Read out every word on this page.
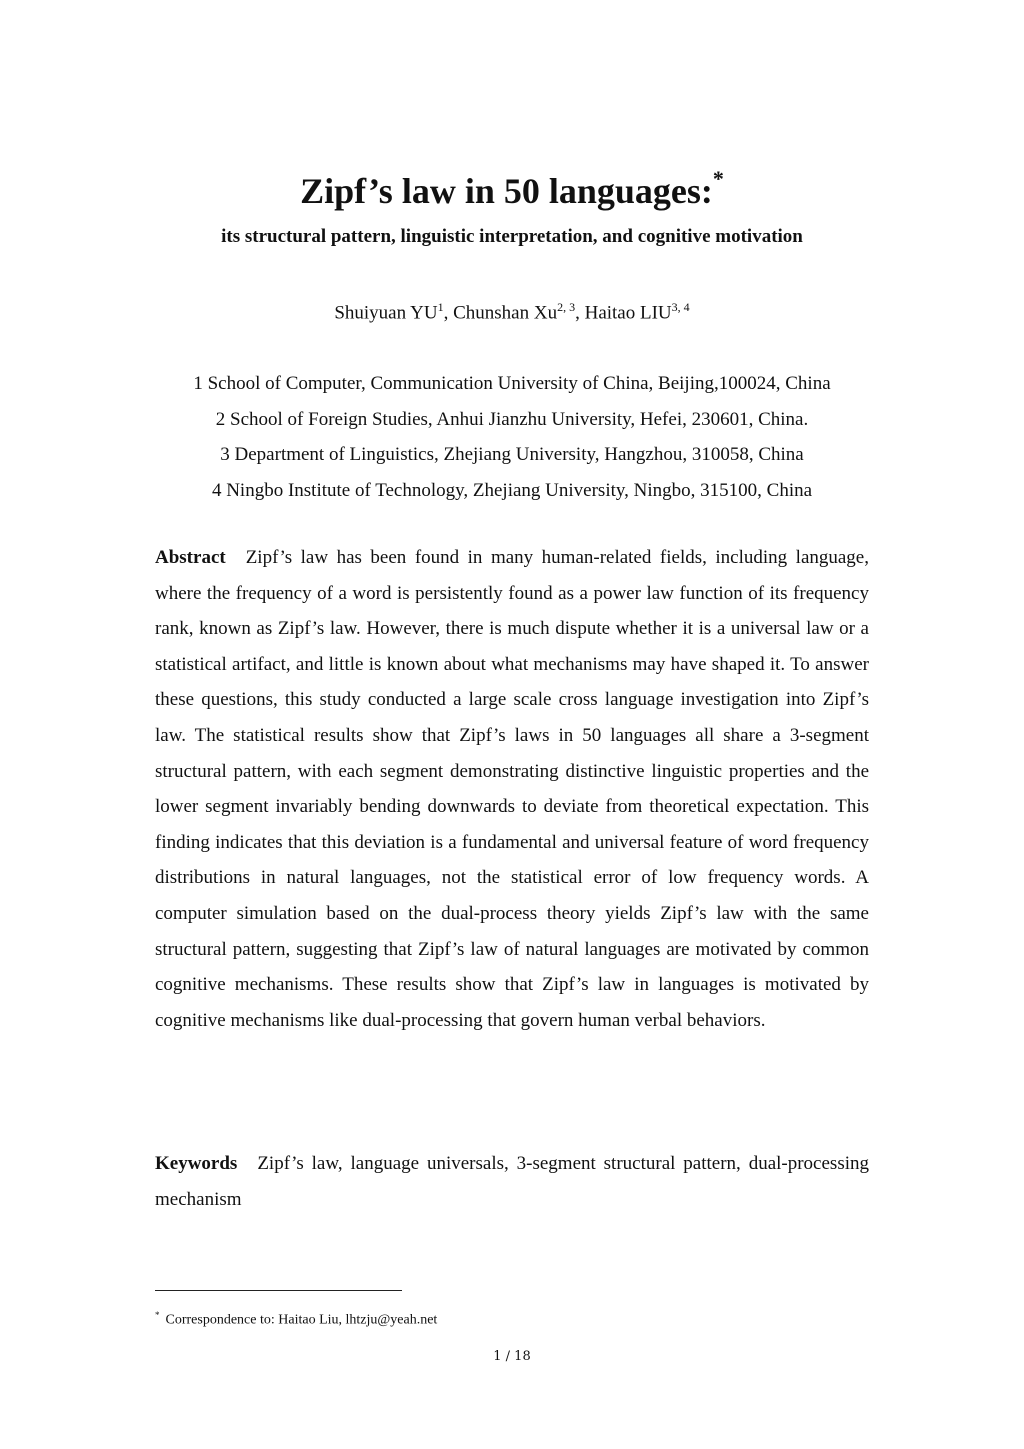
Zipf’s law in 50 languages:*
its structural pattern, linguistic interpretation, and cognitive motivation
Shuiyuan $YU^1$, Chunshan Xu$^{2, 3}$, Haitao LIU$^{3, 4}$
1 School of Computer, Communication University of China, Beijing,100024, China
2 School of Foreign Studies, Anhui Jianzhu University, Hefei, 230601, China.
3 Department of Linguistics, Zhejiang University, Hangzhou, 310058, China
4 Ningbo Institute of Technology, Zhejiang University, Ningbo, 315100, China
Abstract Zipf’s law has been found in many human-related fields, including language, where the frequency of a word is persistently found as a power law function of its frequency rank, known as Zipf’s law. However, there is much dispute whether it is a universal law or a statistical artifact, and little is known about what mechanisms may have shaped it. To answer these questions, this study conducted a large scale cross language investigation into Zipf’s law. The statistical results show that Zipf’s laws in 50 languages all share a 3-segment structural pattern, with each segment demonstrating distinctive linguistic properties and the lower segment invariably bending downwards to deviate from theoretical expectation. This finding indicates that this deviation is a fundamental and universal feature of word frequency distributions in natural languages, not the statistical error of low frequency words. A computer simulation based on the dual-process theory yields Zipf’s law with the same structural pattern, suggesting that Zipf’s law of natural languages are motivated by common cognitive mechanisms. These results show that Zipf’s law in languages is motivated by cognitive mechanisms like dual-processing that govern human verbal behaviors.
Keywords Zipf’s law, language universals, 3-segment structural pattern, dual-processing mechanism
* Correspondence to: Haitao Liu, lhtzju@yeah.net
1 / 18
